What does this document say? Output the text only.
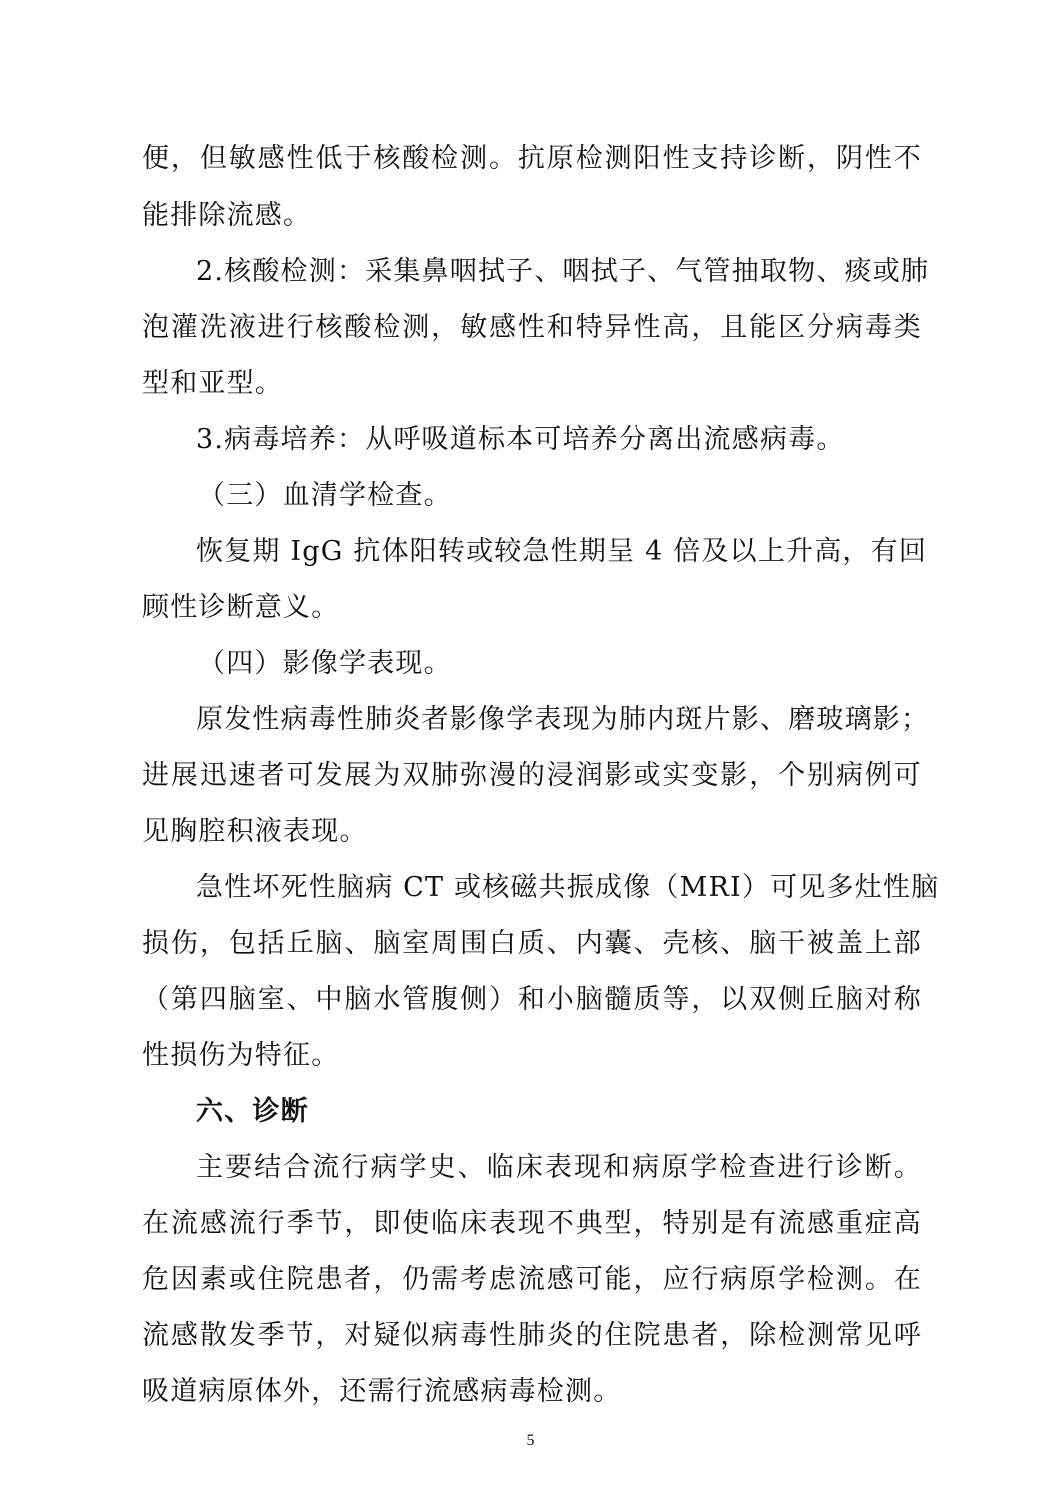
便，但敏感性低于核酸检测。抗原检测阳性支持诊断，阴性不
能排除流感。
2.核酸检测：采集鼻咽拭子、咽拭子、气管抽取物、痰或肺
泡灌洗液进行核酸检测，敏感性和特异性高，且能区分病毒类
型和亚型。
3.病毒培养：从呼吸道标本可培养分离出流感病毒。
（三）血清学检查。
恢复期 IgG 抗体阳转或较急性期呈 4 倍及以上升高，有回
顾性诊断意义。
（四）影像学表现。
原发性病毒性肺炎者影像学表现为肺内斑片影、磨玻璃影；
进展迅速者可发展为双肺弥漫的浸润影或实变影，个别病例可
见胸腔积液表现。
急性坏死性脑病 CT 或核磁共振成像（MRI）可见多灶性脑
损伤，包括丘脑、脑室周围白质、内囊、壳核、脑干被盖上部
（第四脑室、中脑水管腹侧）和小脑髓质等，以双侧丘脑对称
性损伤为特征。
六、诊断
主要结合流行病学史、临床表现和病原学检查进行诊断。
在流感流行季节，即使临床表现不典型，特别是有流感重症高
危因素或住院患者，仍需考虑流感可能，应行病原学检测。在
流感散发季节，对疑似病毒性肺炎的住院患者，除检测常见呼
吸道病原体外，还需行流感病毒检测。
5
